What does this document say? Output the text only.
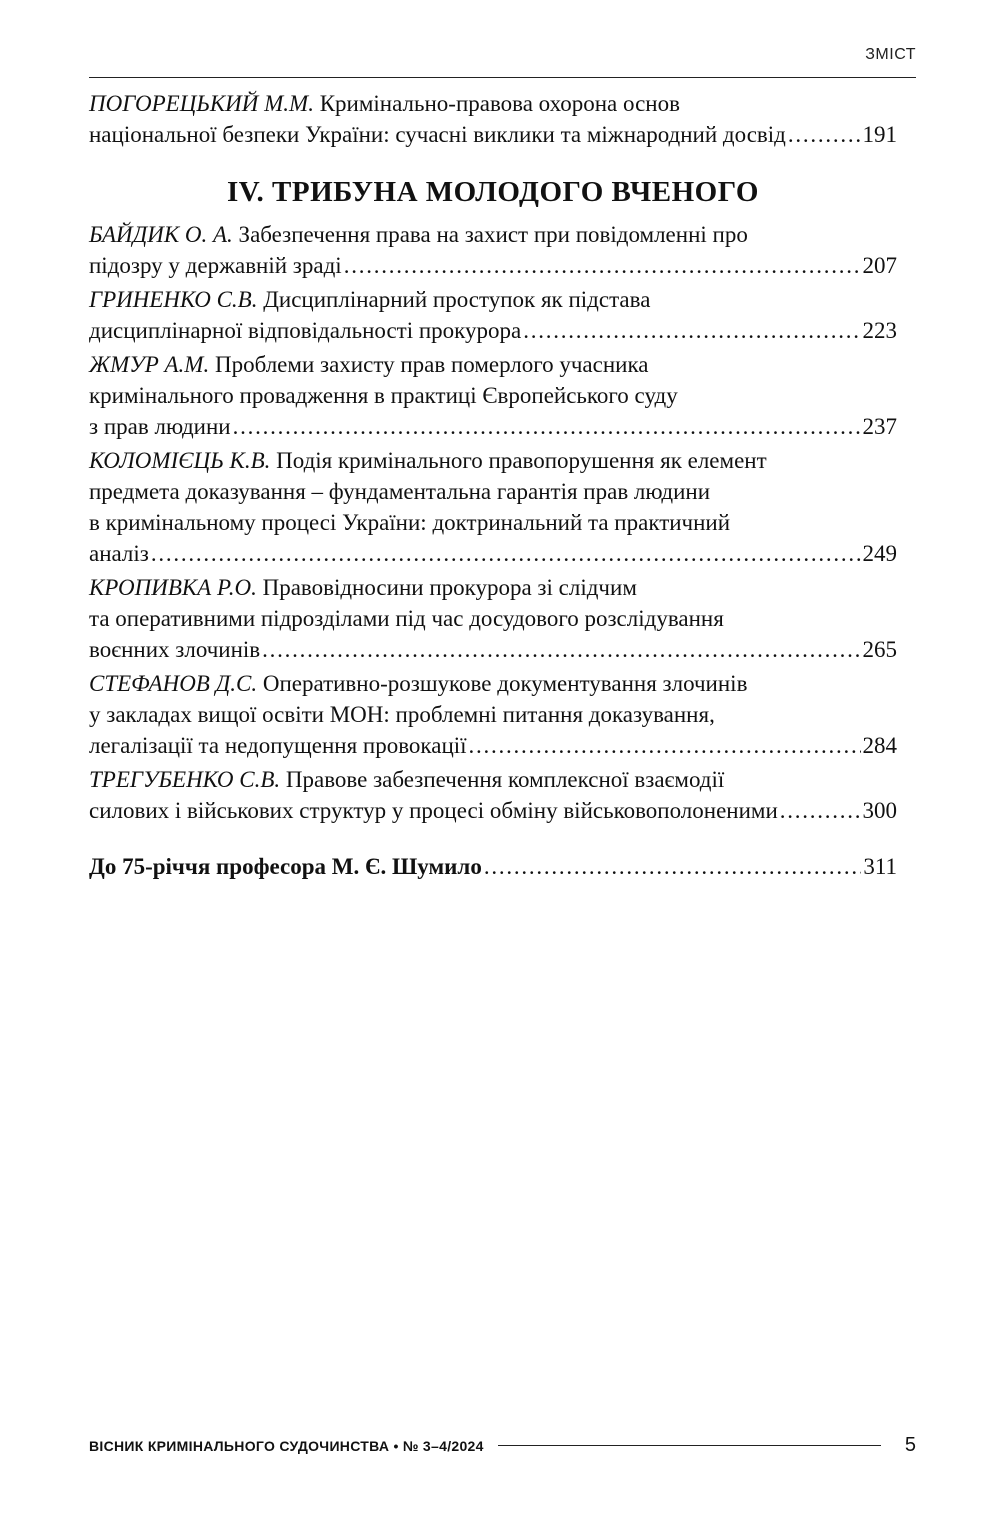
ЗМІСТ
ПОГОРЕЦЬКИЙ М.М. Кримінально-правова охорона основ
національної безпеки України: сучасні виклики та міжнародний досвід . . .	191
IV. ТРИБУНА МОЛОДОГО ВЧЕНОГО
БАЙДИК О. А. Забезпечення права на захист при повідомленні про
підозру у державній зраді . . .	207
ГРИНЕНКО С.В. Дисциплінарний проступок як підстава
дисциплінарної відповідальності прокурора . . .	223
ЖМУР А.М. Проблеми захисту прав померлого учасника
кримінального провадження в практиці Європейського суду
з прав людини . . .	237
КОЛОМІЄЦЬ К.В. Подія кримінального правопорушення як елемент
предмета доказування – фундаментальна гарантія прав людини
в кримінальному процесі України: доктринальний та практичний
аналіз . . .	249
КРОПИВКА Р.О. Правовідносини прокурора зі слідчим
та оперативними підрозділами під час досудового розслідування
воєнних злочинів . . .	265
СТЕФАНОВ Д.С. Оперативно-розшукове документування злочинів
у закладах вищої освіти МОН: проблемні питання доказування,
легалізації та недопущення провокації . . .	284
ТРЕГУБЕНКО С.В. Правове забезпечення комплексної взаємодії
силових і військових структур у процесі обміну військовополоненими . . .	300
До 75-річчя професора М. Є. Шумило . . .	311
ВІСНИК КРИМІНАЛЬНОГО СУДОЧИНСТВА • № 3–4/2024	5
